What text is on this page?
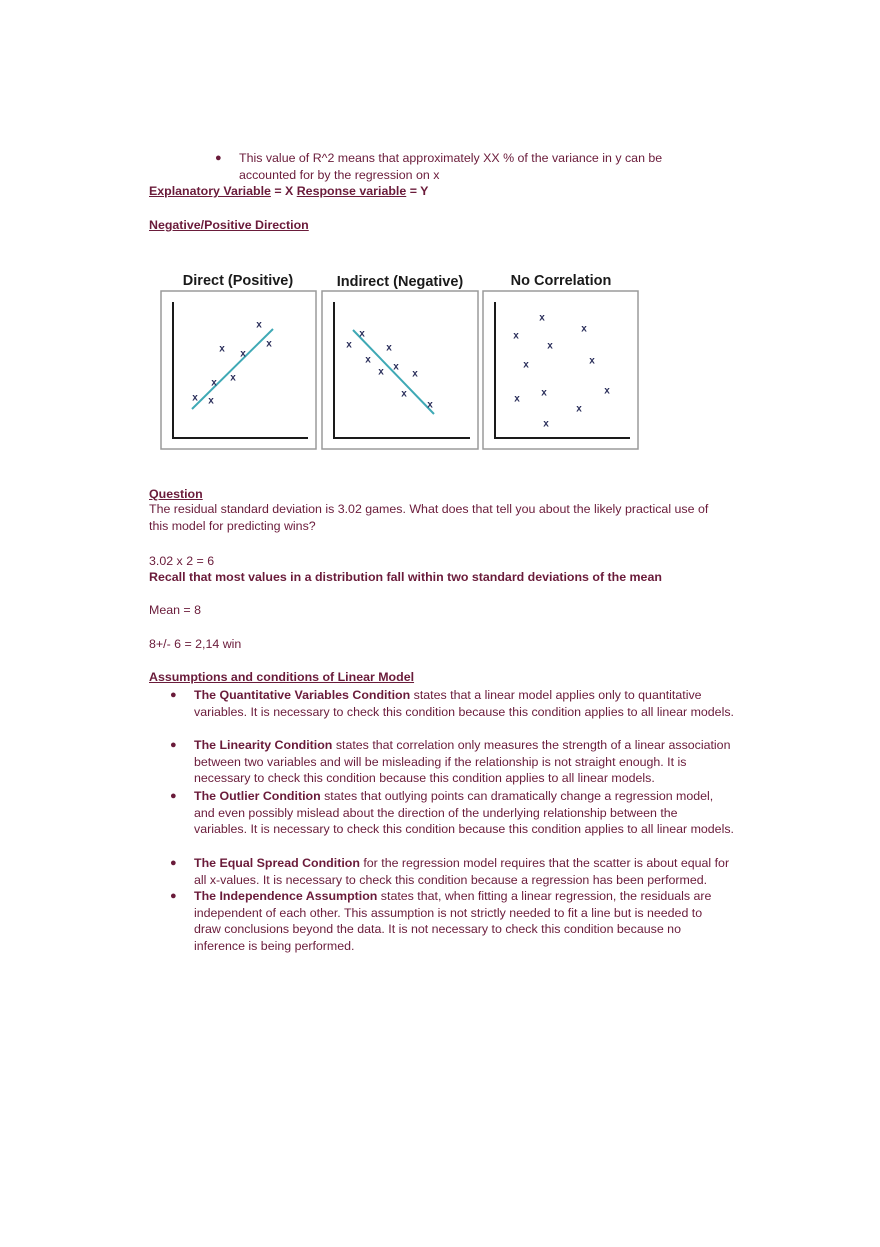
● This value of R^2 means that approximately XX % of the variance in y can be accounted for by the regression on x
Explanatory Variable = X Response variable = Y
Negative/Positive Direction
Direct (Positive)	Indirect (Negative)	No Correlation
x
x
x x
x x
x x
x
x	x
x
x x
x
x
x
x
x
x
x
x
x
x
x	x
x
x
Question
The residual standard deviation is 3.02 games. What does that tell you about the likely practical use of this model for predicting wins?
3.02 x 2 = 6
Recall that most values in a distribution fall within two standard deviations of the mean
Mean = 8
8+/- 6 = 2,14 win
Assumptions and conditions of Linear Model
● The Quantitative Variables Condition states that a linear model applies only to quantitative variables. It is necessary to check this condition because this condition applies to all linear models.
● The Linearity Condition states that correlation only measures the strength of a linear association between two variables and will be misleading if the relationship is not straight enough. It is necessary to check this condition because this condition applies to all linear models.
● The Outlier Condition states that outlying points can dramatically change a regression model, and even possibly mislead about the direction of the underlying relationship between the variables. It is necessary to check this condition because this condition applies to all linear models.
● The Equal Spread Condition for the regression model requires that the scatter is about equal for all x-values. It is necessary to check this condition because a regression has been performed.
● The Independence Assumption states that, when fitting a linear regression, the residuals are independent of each other. This assumption is not strictly needed to fit a line but is needed to draw conclusions beyond the data. It is not necessary to check this condition because no inference is being performed.
